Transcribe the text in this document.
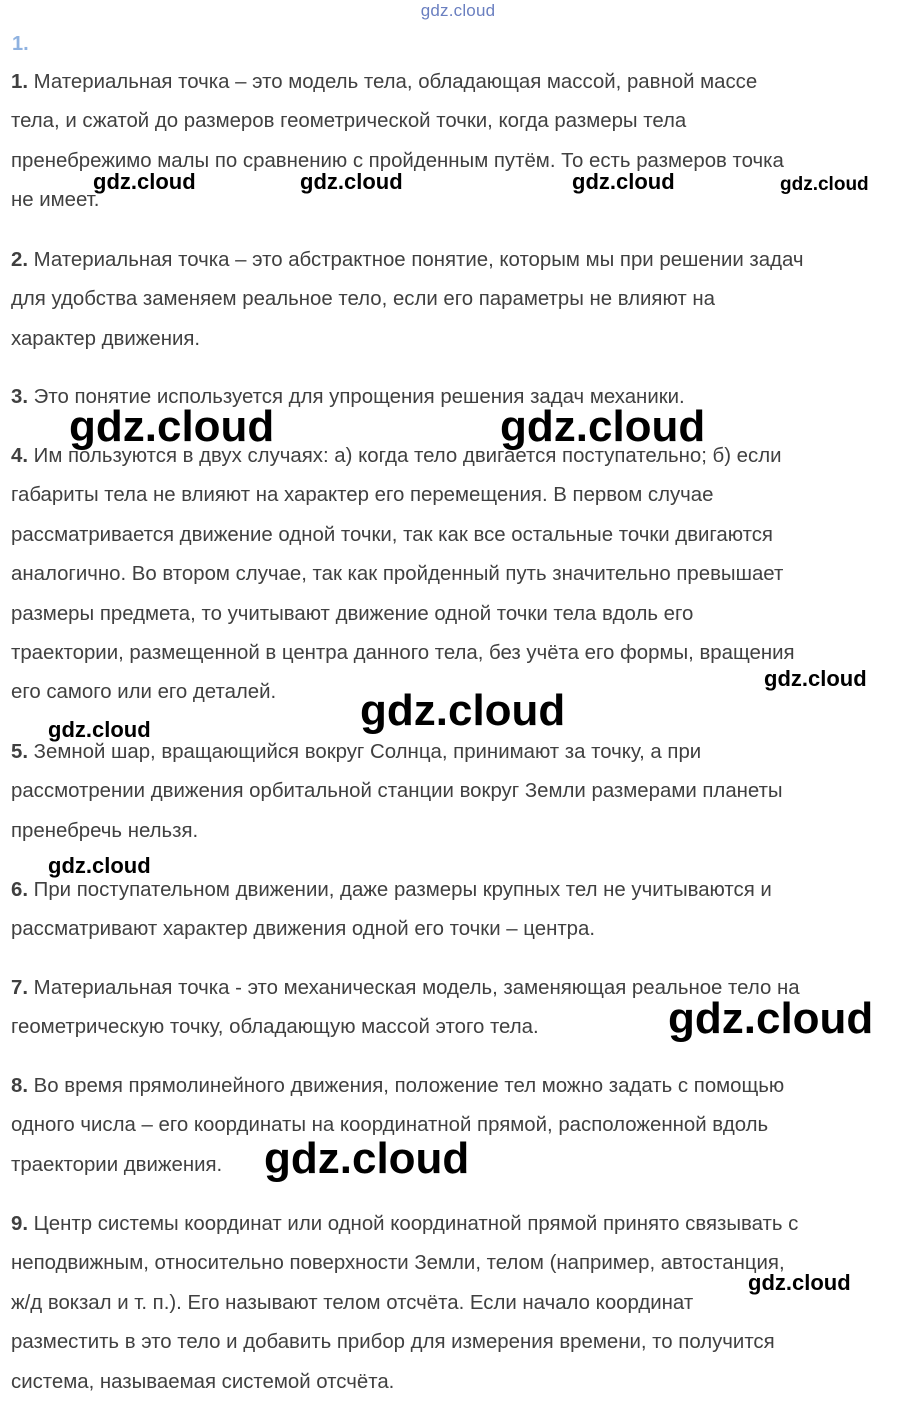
gdz.cloud
1.

1. Материальная точка – это модель тела, обладающая массой, равной массе
тела, и сжатой до размеров геометрической точки, когда размеры тела
пренебрежимо малы по сравнению с пройденным путём. То есть размеров точка
не имеет.

2. Материальная точка – это абстрактное понятие, которым мы при решении задач
для удобства заменяем реальное тело, если его параметры не влияют на
характер движения.

3. Это понятие используется для упрощения решения задач механики.

4. Им пользуются в двух случаях: а) когда тело двигается поступательно; б) если
габариты тела не влияют на характер его перемещения. В первом случае
рассматривается движение одной точки, так как все остальные точки двигаются
аналогично. Во втором случае, так как пройденный путь значительно превышает
размеры предмета, то учитывают движение одной точки тела вдоль его
траектории, размещенной в центра данного тела, без учёта его формы, вращения
его самого или его деталей.

5. Земной шар, вращающийся вокруг Солнца, принимают за точку, а при
рассмотрении движения орбитальной станции вокруг Земли размерами планеты
пренебречь нельзя.

6. При поступательном движении, даже размеры крупных тел не учитываются и
рассматривают характер движения одной его точки – центра.

7. Материальная точка - это механическая модель, заменяющая реальное тело на
геометрическую точку, обладающую массой этого тела.

8. Во время прямолинейного движения, положение тел можно задать с помощью
одного числа – его координаты на координатной прямой, расположенной вдоль
траектории движения.

9. Центр системы координат или одной координатной прямой принято связывать с
неподвижным, относительно поверхности Земли, телом (например, автостанция,
ж/д вокзал и т. п.). Его называют телом отсчёта. Если начало координат
разместить в это тело и добавить прибор для измерения времени, то получится
система, называемая системой отсчёта.

gdz.cloud	gdz.cloud	gdz.cloud	gdz.cloud
gdz.cloud	gdz.cloud
gdz.cloud
gdz.cloud
gdz.cloud
gdz.cloud
gdz.cloud
gdz.cloud
gdz.cloud
